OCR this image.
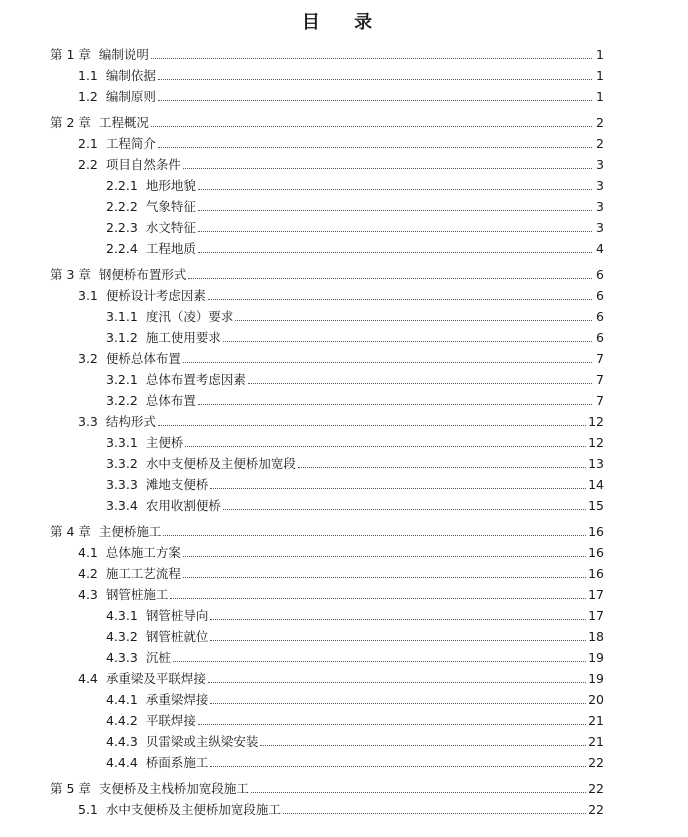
目 录
第 1 章 编制说明	1
1.1 编制依据	1
1.2 编制原则	1
第 2 章 工程概况	2
2.1 工程简介	2
2.2 项目自然条件	3
2.2.1 地形地貌	3
2.2.2 气象特征	3
2.2.3 水文特征	3
2.2.4 工程地质	4
第 3 章 钢便桥布置形式	6
3.1 便桥设计考虑因素	6
3.1.1 度汛（凌）要求	6
3.1.2 施工使用要求	6
3.2 便桥总体布置	7
3.2.1 总体布置考虑因素	7
3.2.2 总体布置	7
3.3 结构形式	12
3.3.1 主便桥	12
3.3.2 水中支便桥及主便桥加宽段	13
3.3.3 滩地支便桥	14
3.3.4 农用收割便桥	15
第 4 章 主便桥施工	16
4.1 总体施工方案	16
4.2 施工工艺流程	16
4.3 钢管桩施工	17
4.3.1 钢管桩导向	17
4.3.2 钢管桩就位	18
4.3.3 沉桩	19
4.4 承重梁及平联焊接	19
4.4.1 承重梁焊接	20
4.4.2 平联焊接	21
4.4.3 贝雷梁或主纵梁安装	21
4.4.4 桥面系施工	22
第 5 章 支便桥及主栈桥加宽段施工	22
5.1 水中支便桥及主便桥加宽段施工	22
